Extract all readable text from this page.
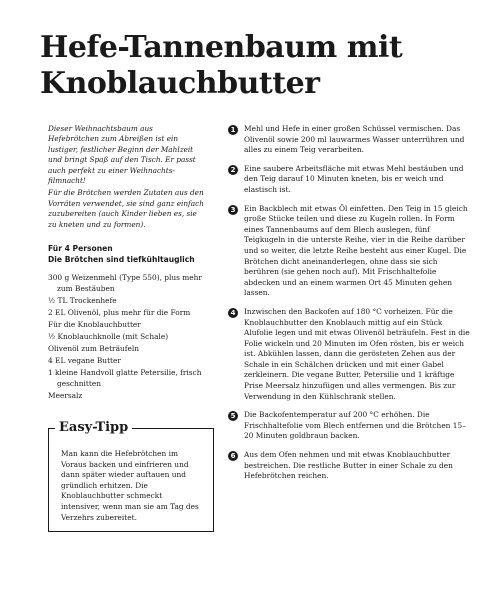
Hefe-Tannenbaum mit Knoblauchbutter

Dieser Weihnachtsbaum aus Hefebrötchen zum Abreißen ist ein lustiger, festlicher Beginn der Mahlzeit und bringt Spaß auf den Tisch. Er passt auch perfekt zu einer Weihnachts-filmnacht!

Für die Brötchen werden Zutaten aus den Vorräten verwendet, sie sind ganz einfach zuzubereiten (auch Kinder lieben es, sie zu kneten und zu formen).

Für 4 Personen
Die Brötchen sind tiefkühltauglich
300 g Weizenmehl (Type 550), plus mehr zum Bestäuben
½ TL Trockenhefe
2 EL Olivenöl, plus mehr für die Form
Für die Knoblauchbutter
½ Knoblauchknolle (mit Schale)
Olivenöl zum Beträufeln
4 EL vegane Butter
1 kleine Handvoll glatte Petersilie, frisch geschnitten
Meersalz
Easy-Tipp

Man kann die Hefebrötchen im Voraus backen und einfrieren und dann später wieder auftauen und gründlich erhitzen. Die Knoblauchbutter schmeckt intensiver, wenn man sie am Tag des Verzehrs zubereitet.

1	Mehl und Hefe in einer großen Schüssel vermischen. Das Olivenöl sowie 200 ml lauwarmes Wasser unterrühren und alles zu einem Teig verarbeiten.
2	Eine saubere Arbeitsfläche mit etwas Mehl bestäuben und den Teig darauf 10 Minuten kneten, bis er weich und elastisch ist.
3	Ein Backblech mit etwas Öl einfetten. Den Teig in 15 gleich große Stücke teilen und diese zu Kugeln rollen. In Form eines Tannenbaums auf dem Blech auslegen, fünf Teigkugeln in die unterste Reihe, vier in die Reihe darüber und so weiter, die letzte Reihe besteht aus einer Kugel. Die Brötchen dicht aneinanderlegen, ohne dass sie sich berühren (sie gehen noch auf). Mit Frischhaltefolie abdecken und an einem warmen Ort 45 Minuten gehen lassen.
4	Inzwischen den Backofen auf 180 °C vorheizen. Für die Knoblauchbutter den Knoblauch mittig auf ein Stück Alufolie legen und mit etwas Olivenöl beträufeln. Fest in die Folie wickeln und 20 Minuten im Ofen rösten, bis er weich ist. Abkühlen lassen, dann die gerösteten Zehen aus der Schale in ein Schälchen drücken und mit einer Gabel zerkleinern. Die vegane Butter, Petersilie und 1 kräftige Prise Meersalz hinzufügen und alles vermengen. Bis zur Verwendung in den Kühlschrank stellen.
5	Die Backofentemperatur auf 200 °C erhöhen. Die Frischhaltefolie vom Blech entfernen und die Brötchen 15–20 Minuten goldbraun backen.
6	Aus dem Ofen nehmen und mit etwas Knoblauchbutter bestreichen. Die restliche Butter in einer Schale zu den Hefebrötchen reichen.
